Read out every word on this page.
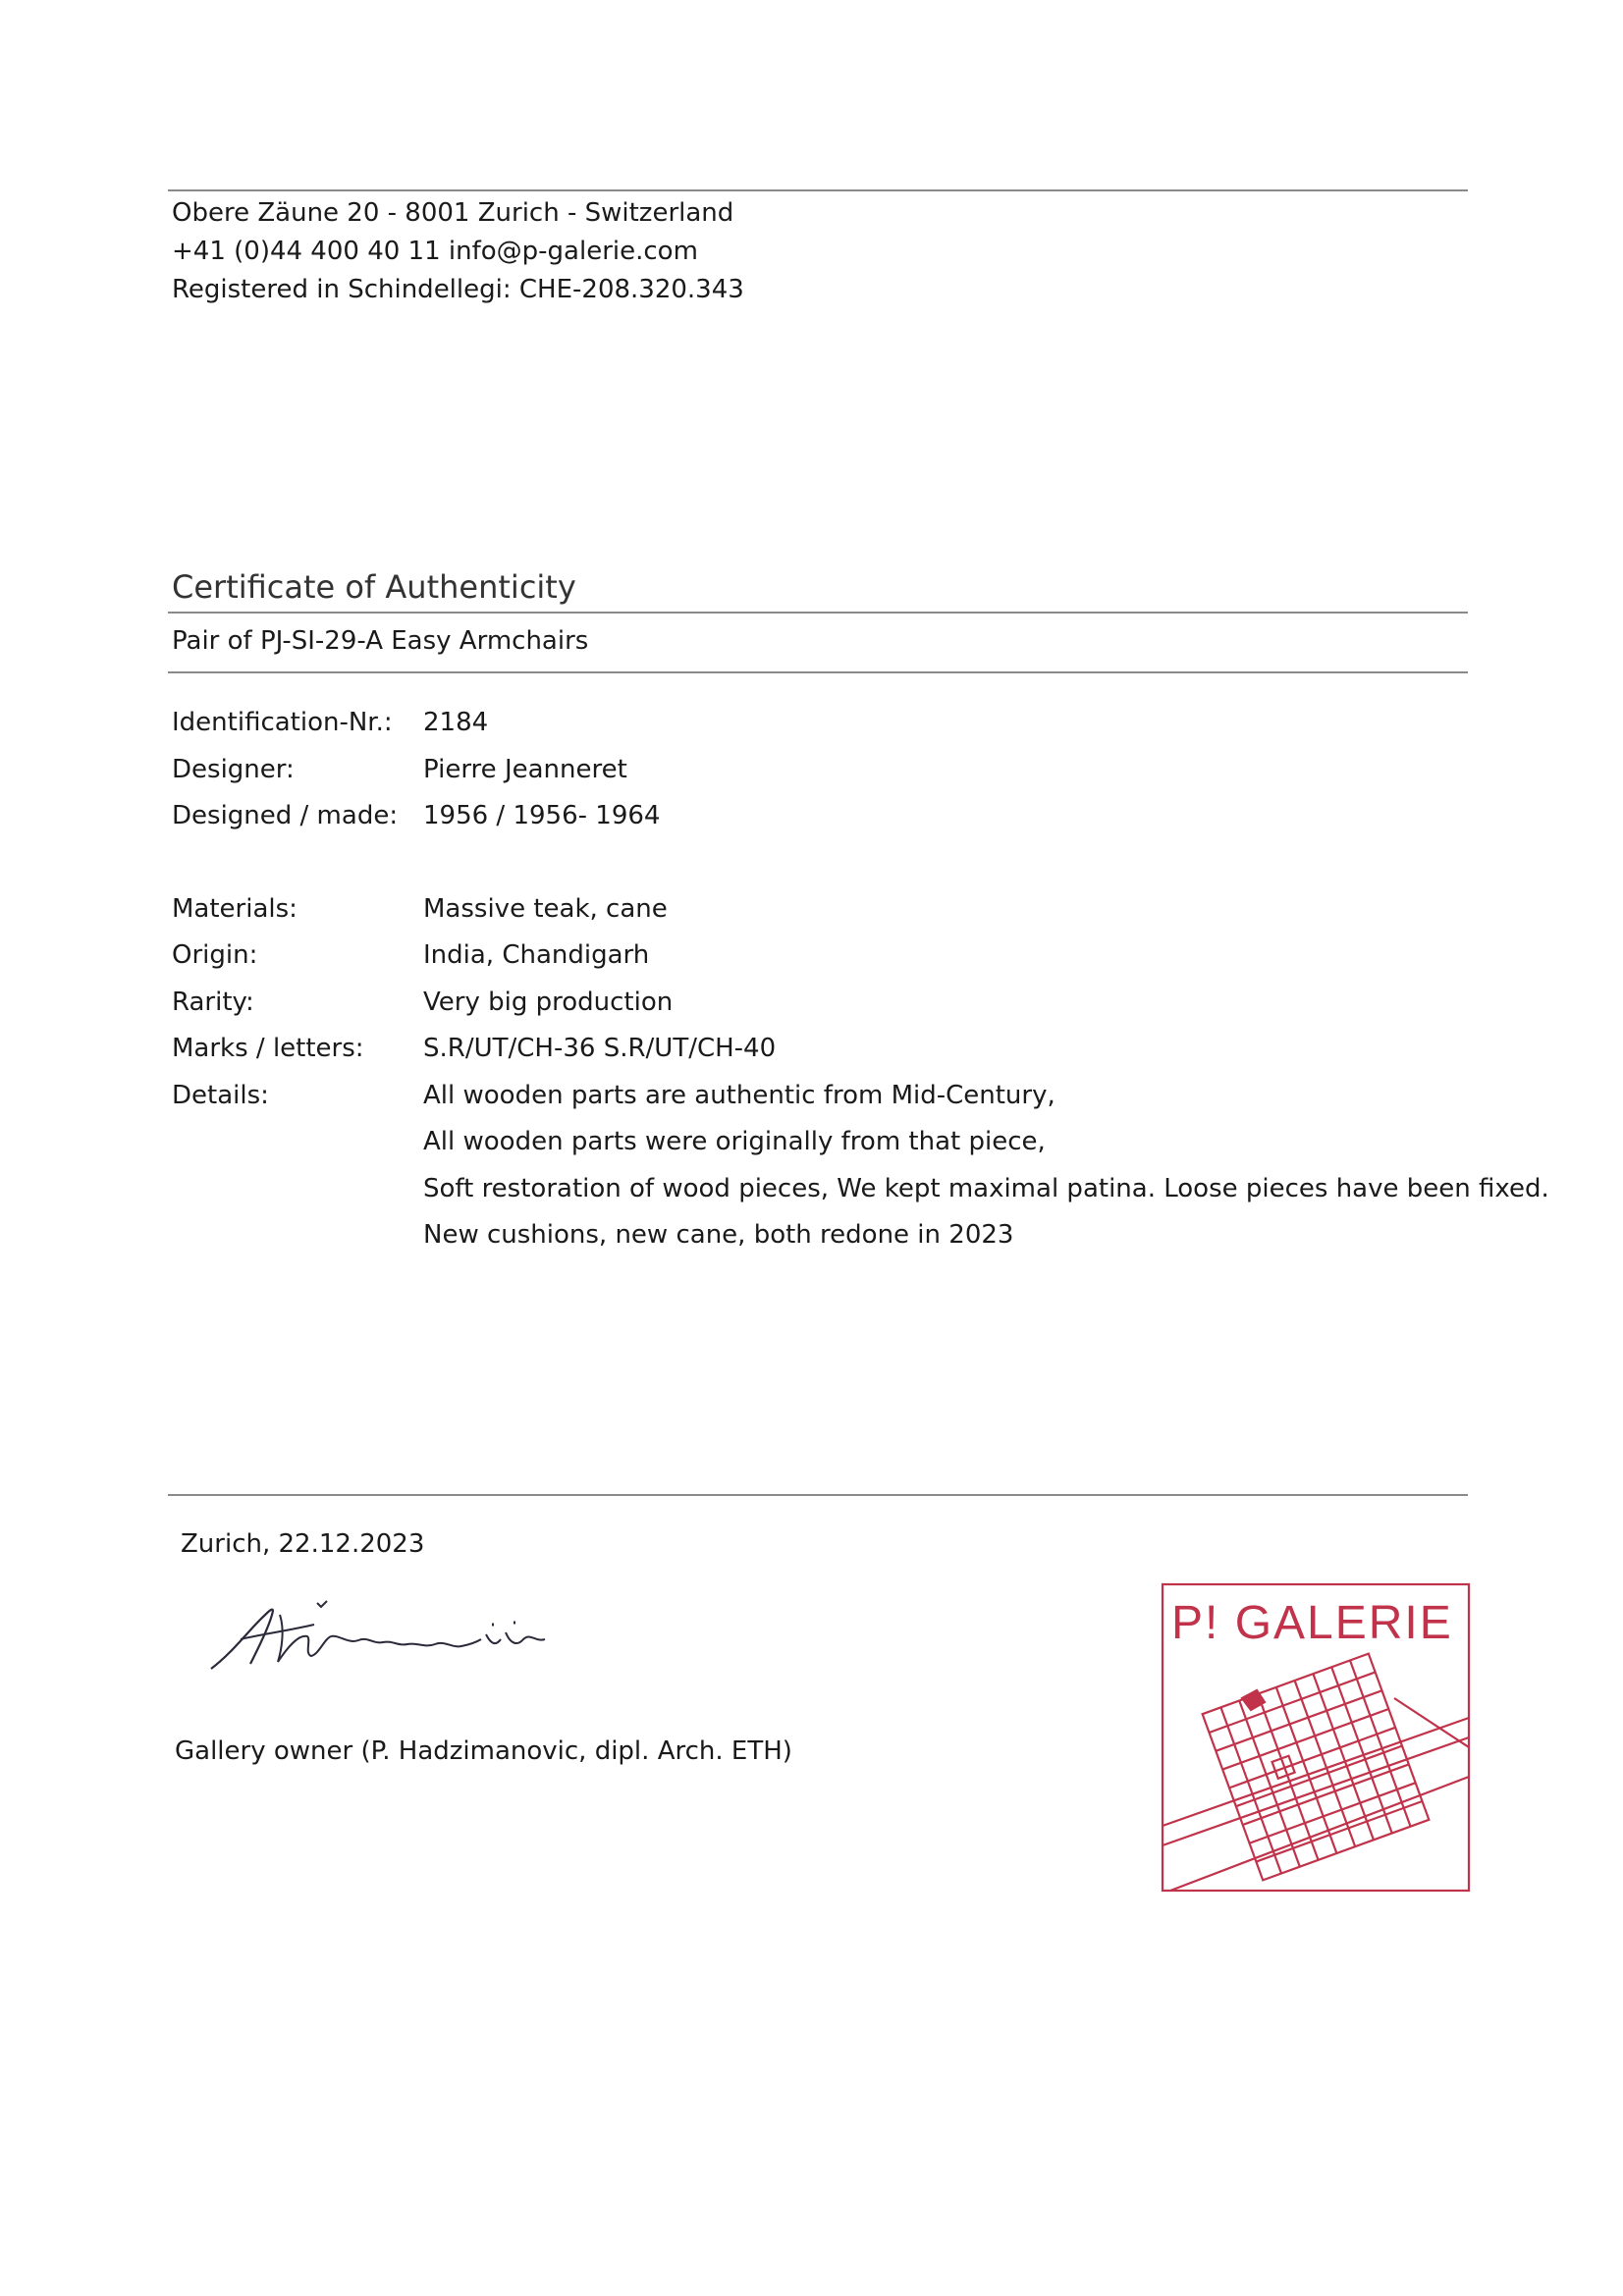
Obere Zäune 20 - 8001 Zurich - Switzerland
+41 (0)44 400 40 11 info@p-galerie.com
Registered in Schindellegi: CHE-208.320.343
Certificate of Authenticity
Pair of PJ-SI-29-A Easy Armchairs
Identification-Nr.: 2184
Designer:	Pierre Jeanneret
Designed / made: 1956 / 1956- 1964
Materials:	Massive teak, cane
Origin:	India, Chandigarh
Rarity:	Very big production
Marks / letters: S.R/UT/CH-36 S.R/UT/CH-40
Details:	All wooden parts are authentic from Mid-Century,
All wooden parts were originally from that piece,
Soft restoration of wood pieces, We kept maximal patina. Loose pieces have been fixed.
New cushions, new cane, both redone in 2023
Zurich, 22.12.2023
Gallery owner (P. Hadzimanovic, dipl. Arch. ETH)
P! GALERIE
